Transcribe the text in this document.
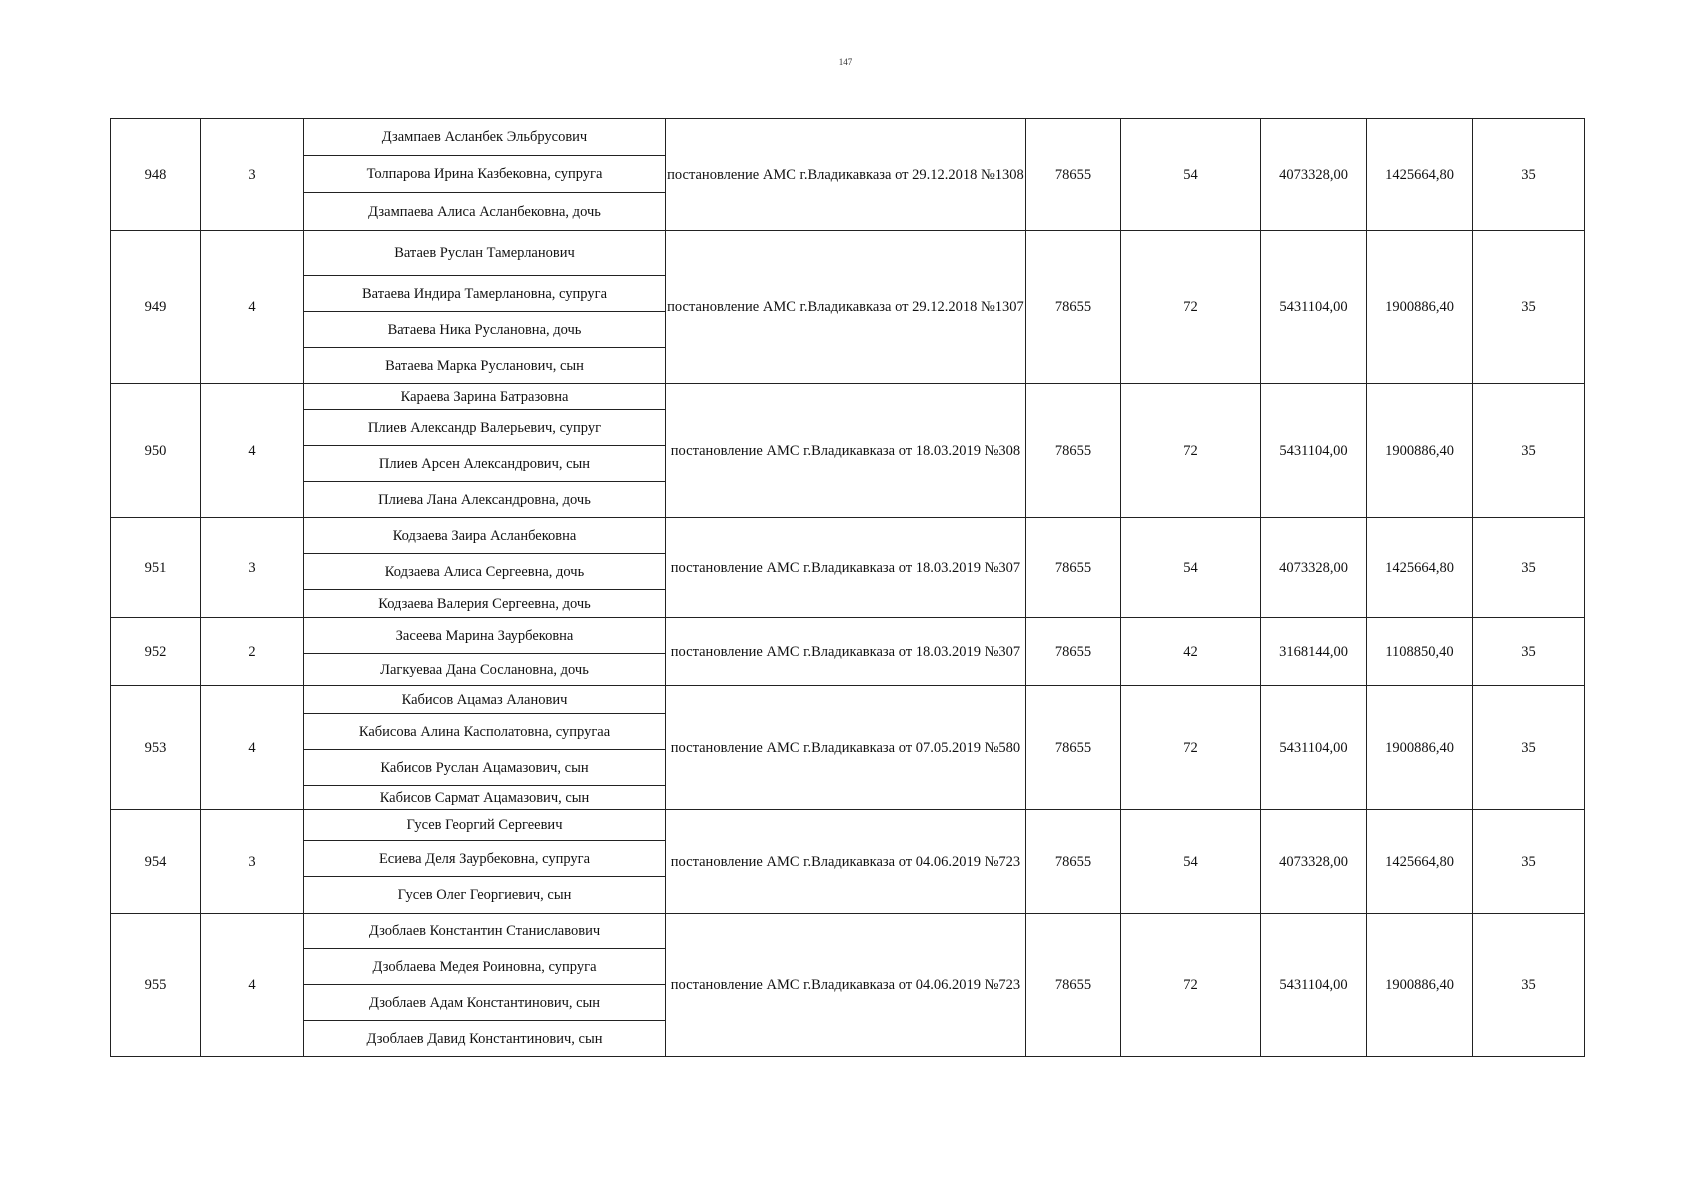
147
948	3	Дзампаев Асланбек Эльбрусович	постановление АМС г.Владикавказа от 29.12.2018 №1308	78655	54	4073328,00	1425664,80	35
		Толпарова Ирина Казбековна, супруга						
		Дзампаева Алиса Асланбековна, дочь						
949	4	Ватаев Руслан Тамерланович	постановление АМС г.Владикавказа от 29.12.2018 №1307	78655	72	5431104,00	1900886,40	35
		Ватаева Индира Тамерлановна, супруга						
		Ватаева Ника Руслановна, дочь						
		Ватаева Марка Русланович, сын						
950	4	Караева Зарина Батразовна	постановление АМС г.Владикавказа от 18.03.2019 №308	78655	72	5431104,00	1900886,40	35
		Плиев Александр Валерьевич, супруг						
		Плиев Арсен Александрович, сын						
		Плиева Лана Александровна, дочь						
951	3	Кодзаева Заира Асланбековна	постановление АМС г.Владикавказа от 18.03.2019 №307	78655	54	4073328,00	1425664,80	35
		Кодзаева Алиса Сергеевна, дочь						
		Кодзаева Валерия Сергеевна, дочь						
952	2	Засеева Марина Заурбековна	постановление АМС г.Владикавказа от 18.03.2019 №307	78655	42	3168144,00	1108850,40	35
		Лагкуеваа Дана Сослановна, дочь						
953	4	Кабисов Ацамаз Аланович	постановление АМС г.Владикавказа от 07.05.2019 №580	78655	72	5431104,00	1900886,40	35
		Кабисова Алина Касполатовна, супругаа						
		Кабисов Руслан Ацамазович, сын						
		Кабисов Сармат Ацамазович, сын						
954	3	Гусев Георгий Сергеевич	постановление АМС г.Владикавказа от 04.06.2019 №723	78655	54	4073328,00	1425664,80	35
		Есиева Деля Заурбековна, супруга						
		Гусев Олег Георгиевич, сын						
955	4	Дзоблаев Константин Станиславович	постановление АМС г.Владикавказа от 04.06.2019 №723	78655	72	5431104,00	1900886,40	35
		Дзоблаева Медея Роиновна, супруга						
		Дзоблаев Адам Константинович, сын						
		Дзоблаев Давид Константинович, сын						
